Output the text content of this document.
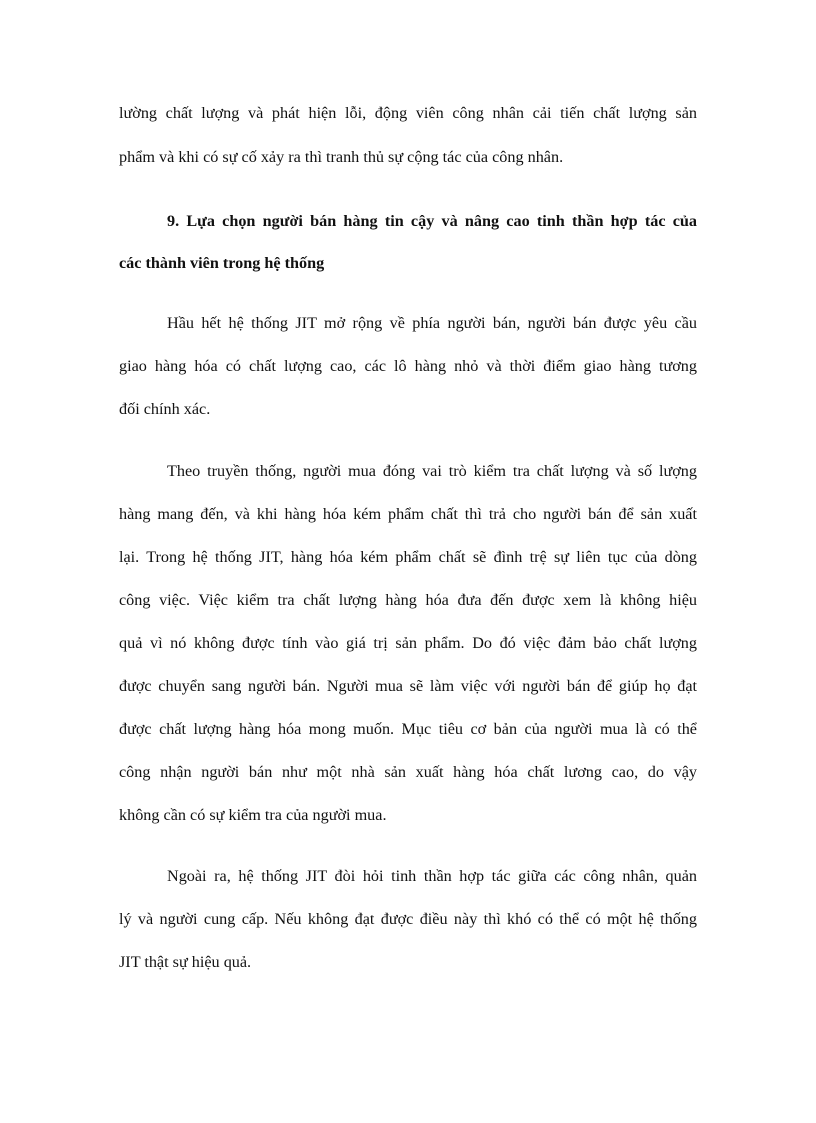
lường chất lượng và phát hiện lỗi, động viên công nhân cải tiến chất lượng sản
phẩm và khi có sự cố xảy ra thì tranh thủ sự cộng tác của công nhân.
9. Lựa chọn người bán hàng tin cậy và nâng cao tinh thần hợp tác của
các thành viên trong hệ thống
Hầu hết hệ thống JIT mở rộng về phía người bán, người bán được yêu cầu
giao hàng hóa có chất lượng cao, các lô hàng nhỏ và thời điểm giao hàng tương
đối chính xác.
Theo truyền thống, người mua đóng vai trò kiểm tra chất lượng và số lượng
hàng mang đến, và khi hàng hóa kém phẩm chất thì trả cho người bán để sản xuất
lại. Trong hệ thống JIT, hàng hóa kém phẩm chất sẽ đình trệ sự liên tục của dòng
công việc. Việc kiểm tra chất lượng hàng hóa đưa đến được xem là không hiệu
quả vì nó không được tính vào giá trị sản phẩm. Do đó việc đảm bảo chất lượng
được chuyển sang người bán. Người mua sẽ làm việc với người bán để giúp họ đạt
được chất lượng hàng hóa mong muốn. Mục tiêu cơ bản của người mua là có thể
công nhận người bán như một nhà sản xuất hàng hóa chất lương cao, do vậy
không cần có sự kiểm tra của người mua.
Ngoài ra, hệ thống JIT đòi hỏi tinh thần hợp tác giữa các công nhân, quản
lý và người cung cấp. Nếu không đạt được điều này thì khó có thể có một hệ thống
JIT thật sự hiệu quả.
